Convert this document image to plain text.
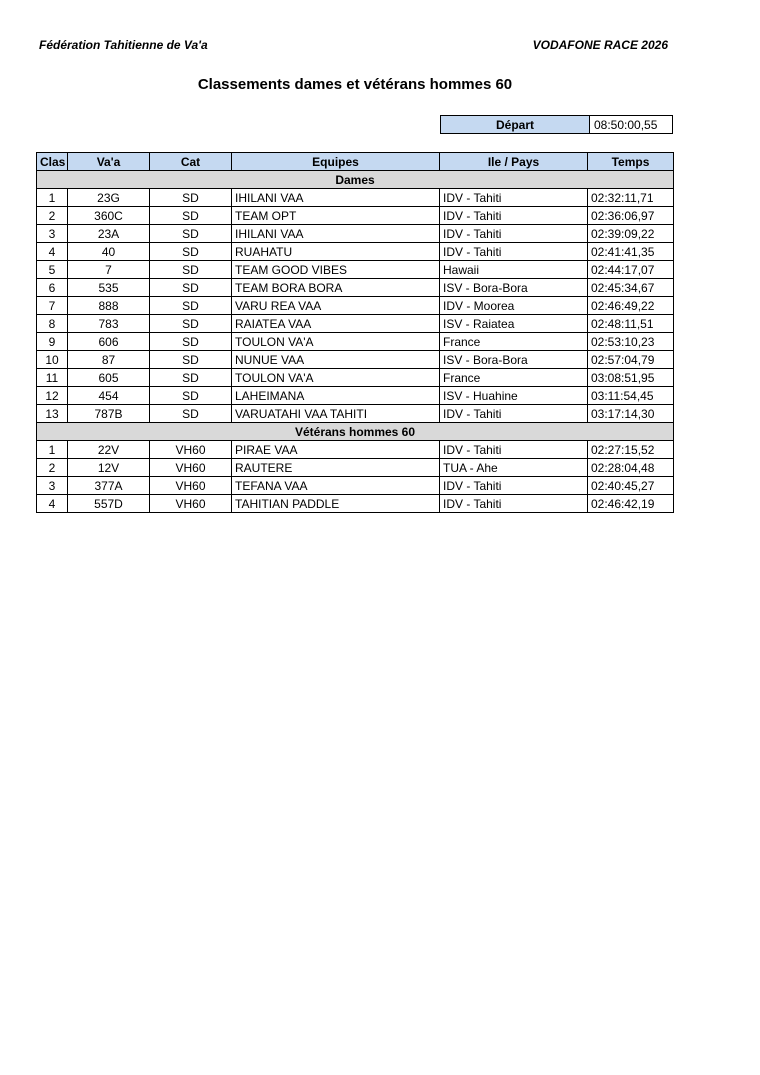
Fédération Tahitienne de Va'a	VODAFONE RACE 2026
Classements dames et vétérans hommes 60
Départ	08:50:00,55
Clas	Va'a	Cat	Equipes	Ile / Pays	Temps
Dames					
1	23G	SD	IHILANI VAA	IDV - Tahiti	02:32:11,71
2	360C	SD	TEAM OPT	IDV - Tahiti	02:36:06,97
3	23A	SD	IHILANI VAA	IDV - Tahiti	02:39:09,22
4	40	SD	RUAHATU	IDV - Tahiti	02:41:41,35
5	7	SD	TEAM GOOD VIBES	Hawaii	02:44:17,07
6	535	SD	TEAM BORA BORA	ISV - Bora-Bora	02:45:34,67
7	888	SD	VARU REA VAA	IDV - Moorea	02:46:49,22
8	783	SD	RAIATEA VAA	ISV - Raiatea	02:48:11,51
9	606	SD	TOULON VA'A	France	02:53:10,23
10	87	SD	NUNUE VAA	ISV - Bora-Bora	02:57:04,79
11	605	SD	TOULON VA'A	France	03:08:51,95
12	454	SD	LAHEIMANA	ISV - Huahine	03:11:54,45
13	787B	SD	VARUATAHI VAA TAHITI	IDV - Tahiti	03:17:14,30
Vétérans hommes 60					
1	22V	VH60	PIRAE VAA	IDV - Tahiti	02:27:15,52
2	12V	VH60	RAUTERE	TUA - Ahe	02:28:04,48
3	377A	VH60	TEFANA VAA	IDV - Tahiti	02:40:45,27
4	557D	VH60	TAHITIAN PADDLE	IDV - Tahiti	02:46:42,19
